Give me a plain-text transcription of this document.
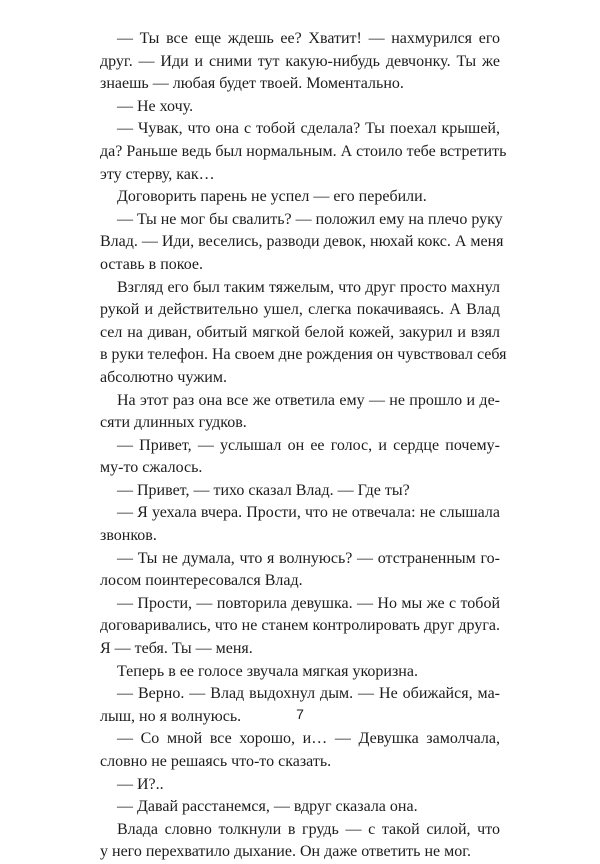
— Ты все еще ждешь ее? Хватит! — нахмурился его
друг. — Иди и сними тут какую-нибудь девчонку. Ты же
знаешь — любая будет твоей. Моментально.
— Не хочу.
— Чувак, что она с тобой сделала? Ты поехал крышей,
да? Раньше ведь был нормальным. А стоило тебе встретить
эту стерву, как…
Договорить парень не успел — его перебили.
— Ты не мог бы свалить? — положил ему на плечо руку
Влад. — Иди, веселись, разводи девок, нюхай кокс. А меня
оставь в покое.
Взгляд его был таким тяжелым, что друг просто махнул
рукой и действительно ушел, слегка покачиваясь. А Влад
сел на диван, обитый мягкой белой кожей, закурил и взял
в руки телефон. На своем дне рождения он чувствовал себя
абсолютно чужим.
На этот раз она все же ответила ему — не прошло и де-
сяти длинных гудков.
— Привет, — услышал он ее голос, и сердце почему-
му-то сжалось.
— Привет, — тихо сказал Влад. — Где ты?
— Я уехала вчера. Прости, что не отвечала: не слышала
звонков.
— Ты не думала, что я волнуюсь? — отстраненным го-
лосом поинтересовался Влад.
— Прости, — повторила девушка. — Но мы же с тобой
договаривались, что не станем контролировать друг друга.
Я — тебя. Ты — меня.
Теперь в ее голосе звучала мягкая укоризна.
— Верно. — Влад выдохнул дым. — Не обижайся, ма-
лыш, но я волнуюсь.
— Со мной все хорошо, и… — Девушка замолчала,
словно не решаясь что-то сказать.
— И?..
— Давай расстанемся, — вдруг сказала она.
Влада словно толкнули в грудь — с такой силой, что
у него перехватило дыхание. Он даже ответить не мог.
7
